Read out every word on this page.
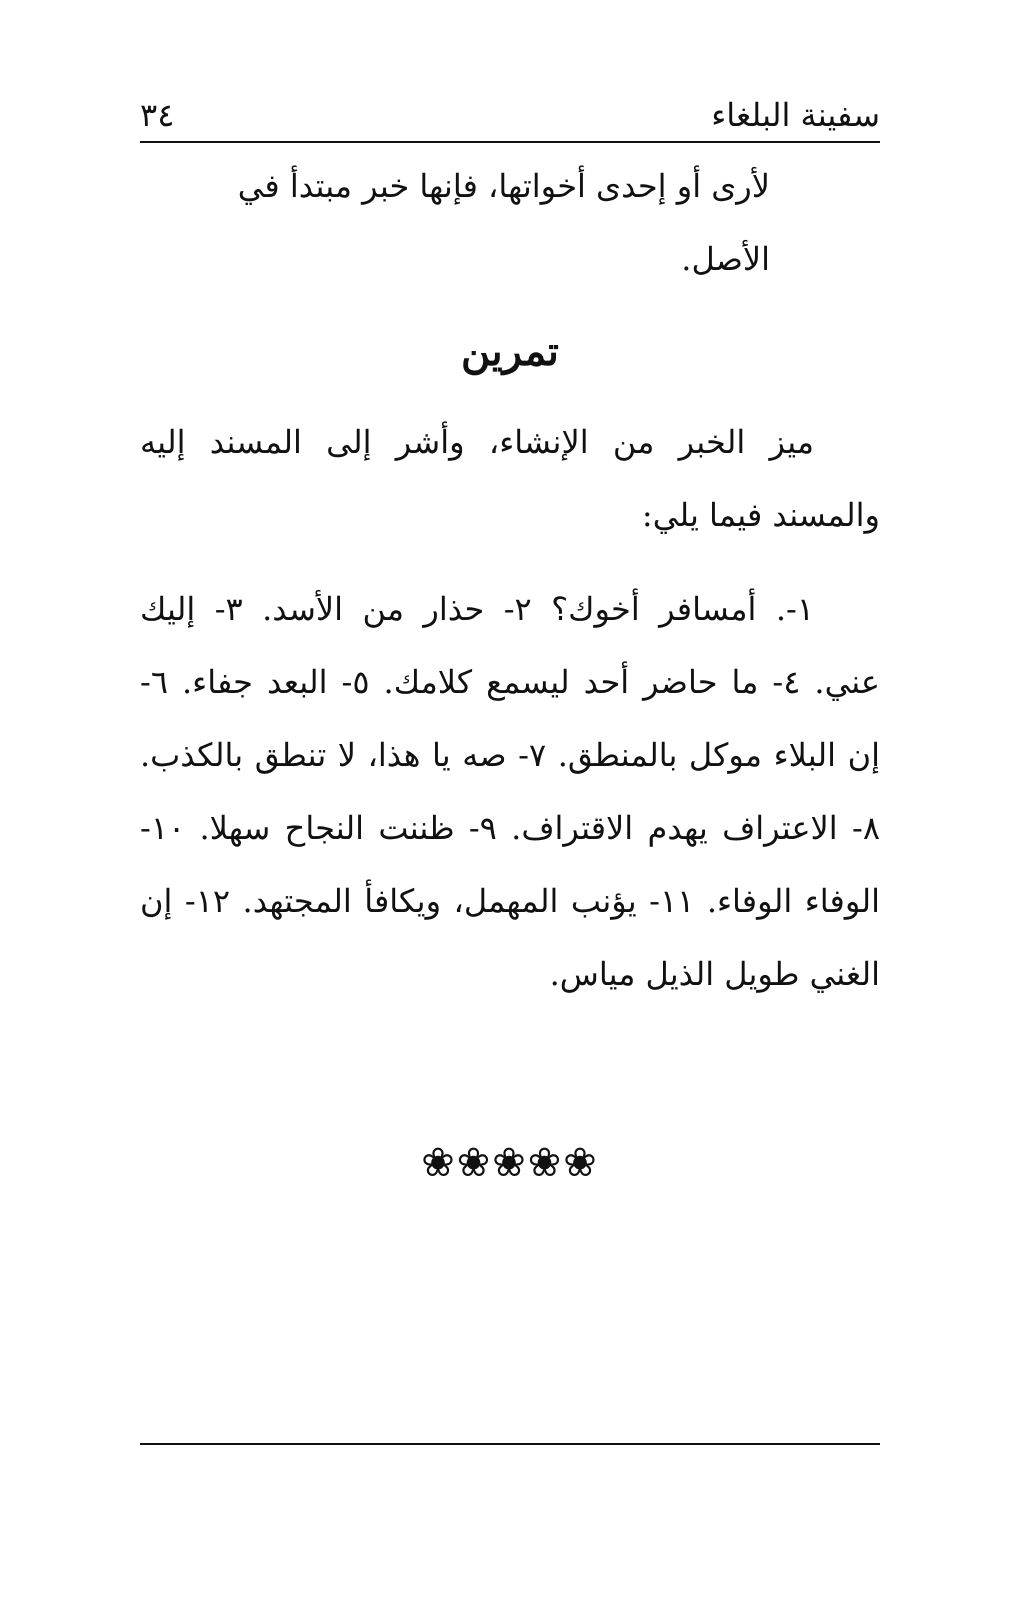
سفينة البلغاء
٣٤
لأرى أو إحدى أخواتها، فإنها خبر مبتدأ في الأصل.
تمرين
ميز الخبر من الإنشاء، وأشر إلى المسند إليه والمسند فيما يلي:
١-. أمسافر أخوك؟ ٢- حذار من الأسد. ٣- إليك عني. ٤- ما حاضر أحد ليسمع كلامك. ٥- البعد جفاء. ٦- إن البلاء موكل بالمنطق. ٧- صه يا هذا، لا تنطق بالكذب. ٨- الاعتراف يهدم الاقتراف. ٩- ظننت النجاح سهلا. ١٠- الوفاء الوفاء. ١١- يؤنب المهمل، ويكافأ المجتهد. ١٢- إن الغني طويل الذيل مياس.
❀❀❀❀❀
